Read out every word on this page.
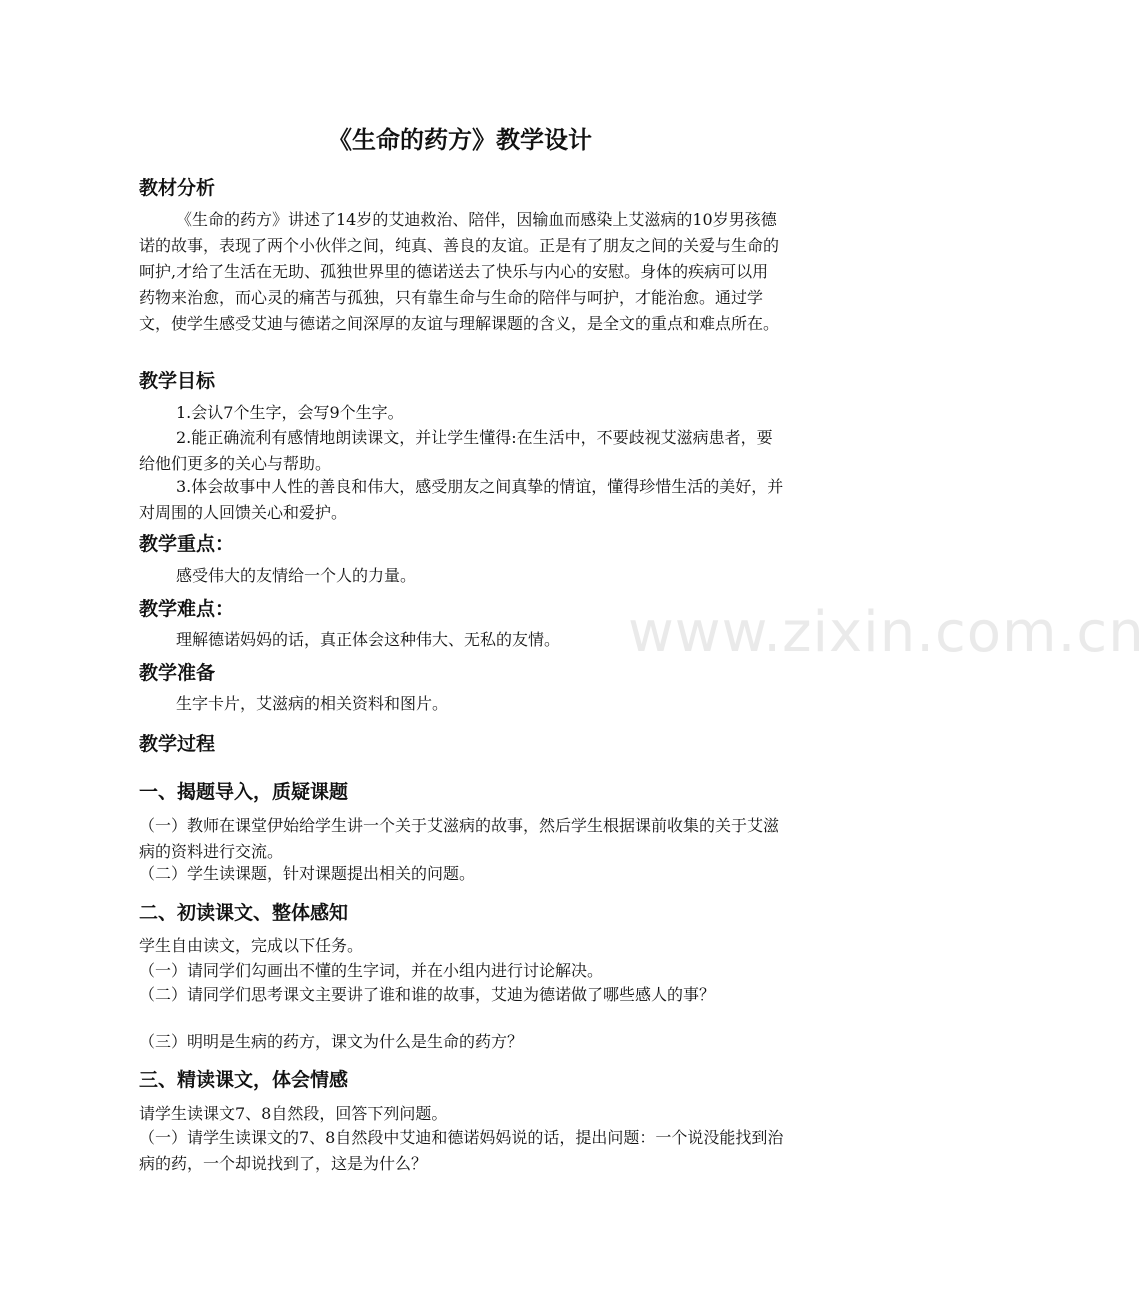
《生命的药方》教学设计
教材分析

《生命的药方》讲述了14岁的艾迪救治、陪伴，因输血而感染上艾滋病的10岁男孩德诺的故事，表现了两个小伙伴之间，纯真、善良的友谊。正是有了朋友之间的关爱与生命的呵护,才给了生活在无助、孤独世界里的德诺送去了快乐与内心的安慰。身体的疾病可以用药物来治愈，而心灵的痛苦与孤独，只有靠生命与生命的陪伴与呵护，才能治愈。通过学文，使学生感受艾迪与德诺之间深厚的友谊与理解课题的含义，是全文的重点和难点所在。

教学目标

1.会认7个生字，会写9个生字。

2.能正确流利有感情地朗读课文，并让学生懂得:在生活中，不要歧视艾滋病患者，要给他们更多的关心与帮助。

3.体会故事中人性的善良和伟大，感受朋友之间真挚的情谊，懂得珍惜生活的美好，并对周围的人回馈关心和爱护。

教学重点：

感受伟大的友情给一个人的力量。

教学难点：

理解德诺妈妈的话，真正体会这种伟大、无私的友情。

教学准备

生字卡片，艾滋病的相关资料和图片。

教学过程
一、揭题导入，质疑课题

（一）教师在课堂伊始给学生讲一个关于艾滋病的故事，然后学生根据课前收集的关于艾滋病的资料进行交流。

（二）学生读课题，针对课题提出相关的问题。

二、初读课文、整体感知

学生自由读文，完成以下任务。

（一）请同学们勾画出不懂的生字词，并在小组内进行讨论解决。

（二）请同学们思考课文主要讲了谁和谁的故事，艾迪为德诺做了哪些感人的事？

（三）明明是生病的药方，课文为什么是生命的药方？

三、精读课文，体会情感

请学生读课文7、8自然段，回答下列问题。

（一）请学生读课文的7、8自然段中艾迪和德诺妈妈说的话，提出问题：一个说没能找到治病的药，一个却说找到了，这是为什么？

www.zixin.com.cn
